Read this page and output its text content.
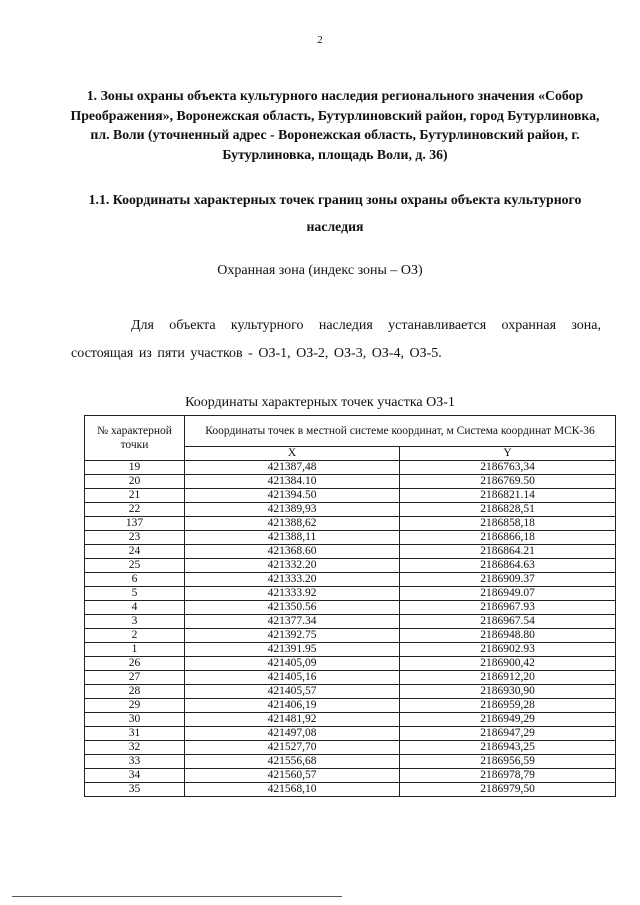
2
1. Зоны охраны объекта культурного наследия регионального значения «Собор Преображения», Воронежская область, Бутурлиновский район, город Бутурлиновка, пл. Воли (уточненный адрес - Воронежская область, Бутурлиновский район, г. Бутурлиновка, площадь Воли, д. 36)
1.1. Координаты характерных точек границ зоны охраны объекта культурного наследия
Охранная зона (индекс зоны – ОЗ)
Для объекта культурного наследия устанавливается охранная зона, состоящая из пяти участков - ОЗ-1, ОЗ-2, ОЗ-3, ОЗ-4, ОЗ-5.
Координаты характерных точек участка ОЗ-1
№ характерной точки	Координаты точек в местной системе координат, м Система координат МСК-36	
	X	Y
19	421387,48	2186763,34
20	421384.10	2186769.50
21	421394.50	2186821.14
22	421389,93	2186828,51
137	421388,62	2186858,18
23	421388,11	2186866,18
24	421368.60	2186864.21
25	421332.20	2186864.63
6	421333.20	2186909.37
5	421333.92	2186949.07
4	421350.56	2186967.93
3	421377.34	2186967.54
2	421392.75	2186948.80
1	421391.95	2186902.93
26	421405,09	2186900,42
27	421405,16	2186912,20
28	421405,57	2186930,90
29	421406,19	2186959,28
30	421481,92	2186949,29
31	421497,08	2186947,29
32	421527,70	2186943,25
33	421556,68	2186956,59
34	421560,57	2186978,79
35	421568,10	2186979,50
